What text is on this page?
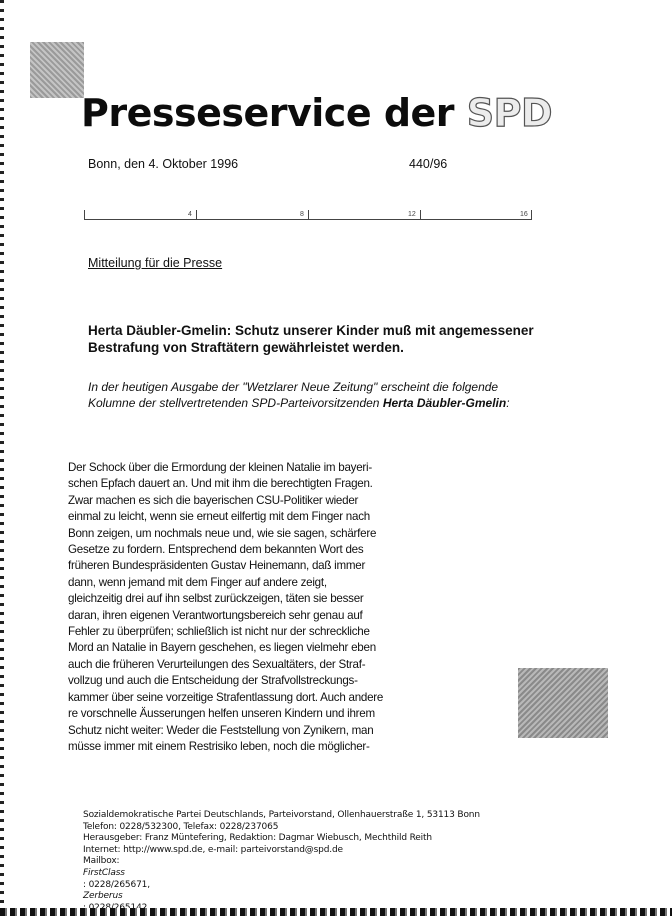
Presseservice der SPD
Bonn, den 4. Oktober 1996	440/96
4	8	12	16
Mitteilung für die Presse
Herta Däubler-Gmelin: Schutz unserer Kinder muß mit angemessener
Bestrafung von Straftätern gewährleistet werden.

In der heutigen Ausgabe der "Wetzlarer Neue Zeitung" erscheint die folgende
Kolumne der stellvertretenden SPD-Parteivorsitzenden Herta Däubler-Gmelin:

Der Schock über die Ermordung der kleinen Natalie im bayeri-
schen Epfach dauert an. Und mit ihm die berechtigten Fragen.
Zwar machen es sich die bayerischen CSU-Politiker wieder
einmal zu leicht, wenn sie erneut eilfertig mit dem Finger nach
Bonn zeigen, um nochmals neue und, wie sie sagen, schärfere
Gesetze zu fordern. Entsprechend dem bekannten Wort des
früheren Bundespräsidenten Gustav Heinemann, daß immer
dann, wenn jemand mit dem Finger auf andere zeigt,
gleichzeitig drei auf ihn selbst zurückzeigen, täten sie besser
daran, ihren eigenen Verantwortungsbereich sehr genau auf
Fehler zu überprüfen; schließlich ist nicht nur der schreckliche
Mord an Natalie in Bayern geschehen, es liegen vielmehr eben
auch die früheren Verurteilungen des Sexualtäters, der Straf-
vollzug und auch die Entscheidung der Strafvollstreckungs-
kammer über seine vorzeitige Strafentlassung dort. Auch andere
re vorschnelle Äusserungen helfen unseren Kindern und ihrem
Schutz nicht weiter: Weder die Feststellung von Zynikern, man
müsse immer mit einem Restrisiko leben, noch die möglicher-

Sozialdemokratische Partei Deutschlands, Parteivorstand, Ollenhauerstraße 1, 53113 Bonn
Telefon: 0228/532300, Telefax: 0228/237065
Herausgeber: Franz Müntefering, Redaktion: Dagmar Wiebusch, Mechthild Reith
Internet: http://www.spd.de, e-mail: parteivorstand@spd.de
Mailbox:
FirstClass
: 0228/265671,
Zerberus
